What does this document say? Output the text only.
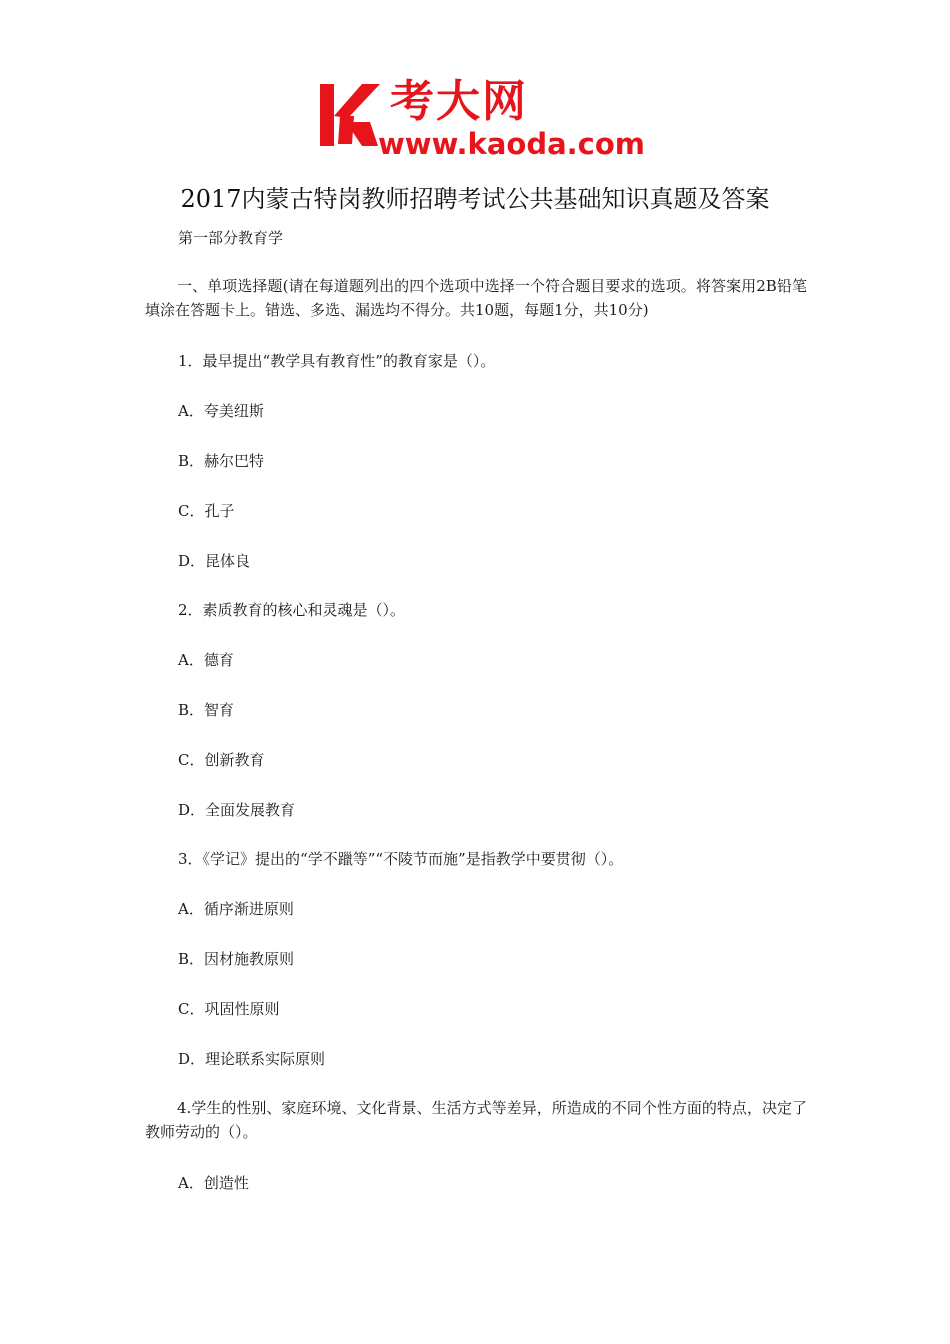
考大网
www.kaoda.com
2017内蒙古特岗教师招聘考试公共基础知识真题及答案
第一部分教育学
一、单项选择题(请在每道题列出的四个选项中选择一个符合题目要求的选项。将答案用2B铅笔填涂在答题卡上。错选、多选、漏选均不得分。共10题，每题1分，共10分)
1．最早提出“教学具有教育性”的教育家是（）。
A．夸美纽斯
B．赫尔巴特
C．孔子
D．昆体良
2．素质教育的核心和灵魂是（）。
A．德育
B．智育
C．创新教育
D．全面发展教育
3．《学记》提出的“学不躐等”“不陵节而施”是指教学中要贯彻（）。
A．循序渐进原则
B．因材施教原则
C．巩固性原则
D．理论联系实际原则
4.学生的性别、家庭环境、文化背景、生活方式等差异，所造成的不同个性方面的特点，决定了教师劳动的（）。
A．创造性
